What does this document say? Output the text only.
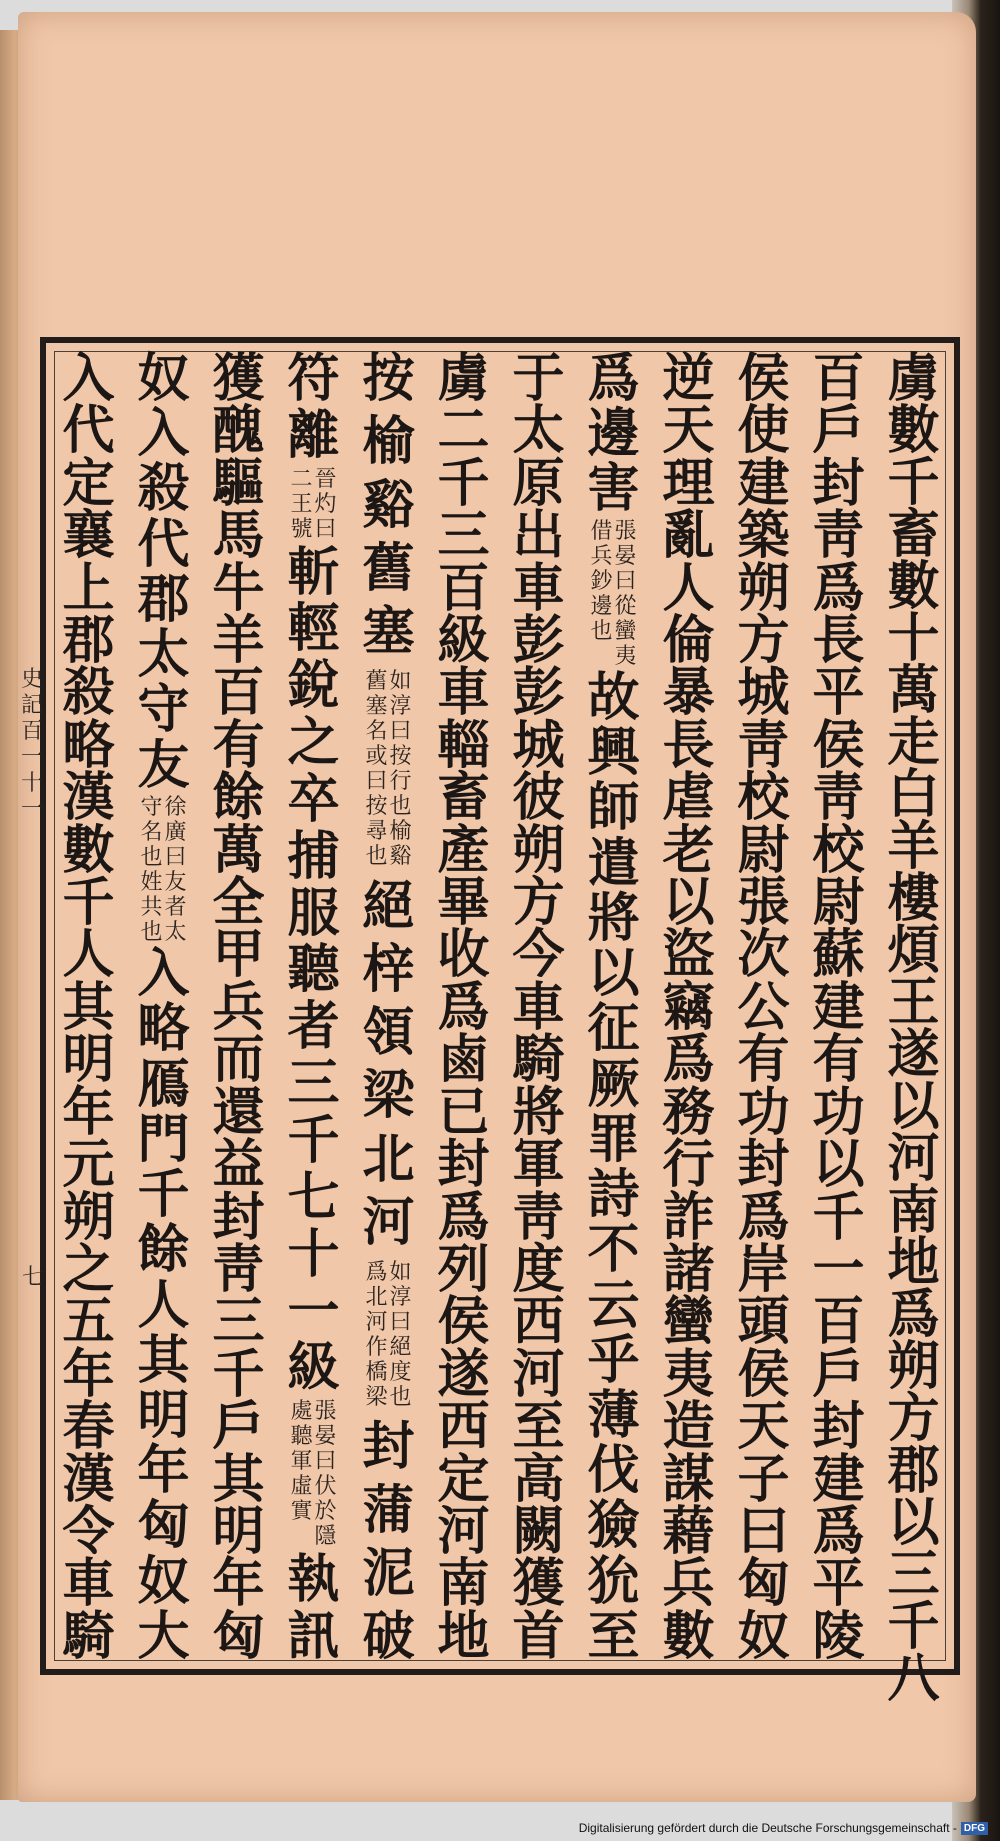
虜
數
千
畜
數
十
萬
走
白
羊
樓
煩
王
遂
以
河
南
地
爲
朔
方
郡
以
三
千
八
百
戶
封
靑
爲
長
平
侯
靑
校
尉
蘇
建
有
功
以
千
一
百
戶
封
建
爲
平
陵
侯
使
建
築
朔
方
城
靑
校
尉
張
次
公
有
功
封
爲
岸
頭
侯
天
子
曰
匈
奴
逆
天
理
亂
人
倫
暴
長
虐
老
以
盜
竊
爲
務
行
詐
諸
蠻
夷
造
謀
藉
兵
數
爲
邊
害
張
晏
曰
從
蠻
夷
借
兵
鈔
邊
也
故
興
師
遣
將
以
征
厥
罪
詩
不
云
乎
薄
伐
獫
狁
至
于
太
原
出
車
彭
彭
城
彼
朔
方
今
車
騎
將
軍
靑
度
西
河
至
高
闕
獲
首
虜
二
千
三
百
級
車
輜
畜
產
畢
收
爲
鹵
已
封
爲
列
侯
遂
西
定
河
南
地
按
榆
谿
舊
塞
如
淳
曰
按
行
也
榆
谿
舊
塞
名
或
曰
按
尋
也
絕
梓
領
梁
北
河
如
淳
曰
絕
度
也
爲
北
河
作
橋
梁
封
蒲
泥
破
符
離
晉
灼
曰
二
王
號
斬
輕
銳
之
卒
捕
服
聽
者
三
千
七
十
一
級
張
晏
曰
伏
於
隱
處
聽
軍
虛
實
執
訊
獲
醜
驅
馬
牛
羊
百
有
餘
萬
全
甲
兵
而
還
益
封
靑
三
千
戶
其
明
年
匈
奴
入
殺
代
郡
太
守
友
徐
廣
曰
友
者
太
守
名
也
姓
共
也
入
略
鴈
門
千
餘
人
其
明
年
匈
奴
大
入
代
定
襄
上
郡
殺
略
漢
數
千
人
其
明
年
元
朔
之
五
年
春
漢
令
車
騎
史
記
百
一
十
一
七
Digitalisierung gefördert durch die Deutsche Forschungsgemeinschaft - DFG
